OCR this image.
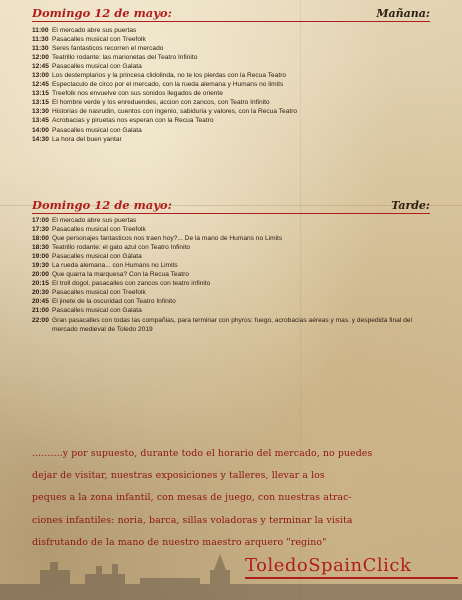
Domingo 12 de mayo:	Mañana:
11:00 El mercado abre sus puertas
11:30 Pasacalles musical con Treefolk
11:30 Seres fantasticos recorren el mercado
12:00 Teatrillo rodante: las marionetas del Teatro Infinito
12:45 Pasacalles musical con Galata
13:00 Los destemplarios y la princesa clidolinda, no te los pierdas con la Recua Teatro
12:45 Espectaculo de circo por el mercado, con la rueda alemana y Humans no limits
13:15 Treefolk nos envuelve con sus sonidos llegados de oriente
13:15 El hombre verde y los enreduendes, accion con zancos, con Teatro Infinito
13:30 Historias de nasrudin, cuentos con ingenio, sabiduria y valores, con la Recua Teatro
13:45 Acrobacias y piruetas nos esperan con la Recua Teatro
14:00 Pasacalles musical con Galata
14:30 La hora del buen yantar
Domingo 12 de mayo:	Tarde:
17:00 El mercado abre sus puertas
17:30 Pasacalles musical con Treefolk
18:00 Que personajes fantasticos nos traen hoy?... De la mano de Humans no Limits
18:30 Teatrillo rodante: el gato azul con Teatro Infinito
19:00 Pasacalles musical con Gálata
19:30 La rueda alemana... con Humans no Limits
20:00 Que quarra la marquesa? Con la Recua Teatro
20:15 El troll dogol, pasacalles con zancos con teatro infinito
20:30 Pasacalles musical con Treefolk
20:45 El jinete de la oscuridad con Teatro Infinito
21:00 Pasacalles musical con Galata
22:00 Gran pasacalles con todas las compañias, para terminar con phyros: fuego, acrobacias aéreas y mas. y despedida final del mercado medieval de Toledo 2019
..........y por supuesto, durante todo el horario del mercado, no puedes
dejar de visitar, nuestras exposiciones y talleres, llevar a los
peques a la zona infantil, con mesas de juego, con nuestras atrac-
ciones infantiles: noria, barca, sillas voladoras y terminar la visita
disfrutando de la mano de nuestro maestro arquero "regino"
ToledoSpainClick
